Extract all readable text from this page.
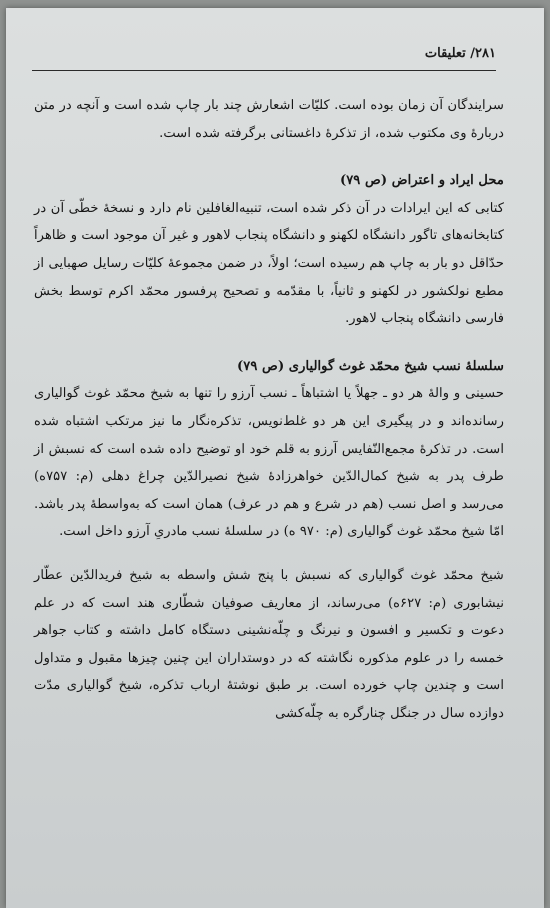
۲۸۱/ تعلیقات

سرایندگان آن زمان بوده است. کلیّات اشعارش چند بار چاپ شده است و آنچه در متن دربارهٔ وی مکتوب شده، از تذکرهٔ داغستانی برگرفته شده است.

محل ایراد و اعتراض (ص ۷۹)

کتابی که این ایرادات در آن ذکر شده است، تنبیه‌الغافلین نام دارد و نسخهٔ خطّی آن در کتابخانه‌های تاگور دانشگاه لکهنو و دانشگاه پنجاب لاهور و غیر آن موجود است و ظاهراً حدّاقل دو بار به چاپ هم رسیده است؛ اولاً، در ضمن مجموعهٔ کلیّات رسایل صهبایی از مطبع نولکشور در لکهنو و ثانیاً، با مقدّمه و تصحیح پرفسور محمّد اکرم توسط بخش فارسی دانشگاه پنجاب لاهور.

سلسلهٔ نسب شیخ محمّد غوث گوالیاری (ص ۷۹)

حسینی و والهٔ هر دو ـ جهلاً یا اشتباهاً ـ نسب آرزو را تنها به شیخ محمّد غوث گوالیاری رسانده‌اند و در پیگیری این هر دو غلط‌نویس، تذکره‌نگار ما نیز مرتکب اشتباه شده است. در تذکرهٔ مجمع‌النّفایس آرزو به قلم خود او توضیح داده شده است که نسبش از طرف پدر به شیخ کمال‌الدّین خواهرزادهٔ شیخ نصیرالدّین چراغ دهلی (م: ۷۵۷ه) می‌رسد و اصل نسب (هم در شرع و هم در عرف) همان است که به‌واسطهٔ پدر باشد. امّا شیخ محمّد غوث گوالیاری (م: ۹۷۰ ه) در سلسلهٔ نسب مادریِ آرزو داخل است.

شیخ محمّد غوث گوالیاری که نسبش با پنج شش واسطه به شیخ فریدالدّین عطّار نیشابوری (م: ۶۲۷ه) می‌رساند، از معاریف صوفیان شطّاری هند است که در علم دعوت و تکسیر و افسون و نیرنگ و چلّه‌نشینی دستگاه کامل داشته و کتاب جواهر خمسه را در علوم مذکوره نگاشته که در دوستداران این چنین چیزها مقبول و متداول است و چندین چاپ خورده است. بر طبق نوشتهٔ ارباب تذکره، شیخ گوالیاری مدّت دوازده سال در جنگل چنارگره به چلّه‌کشی
